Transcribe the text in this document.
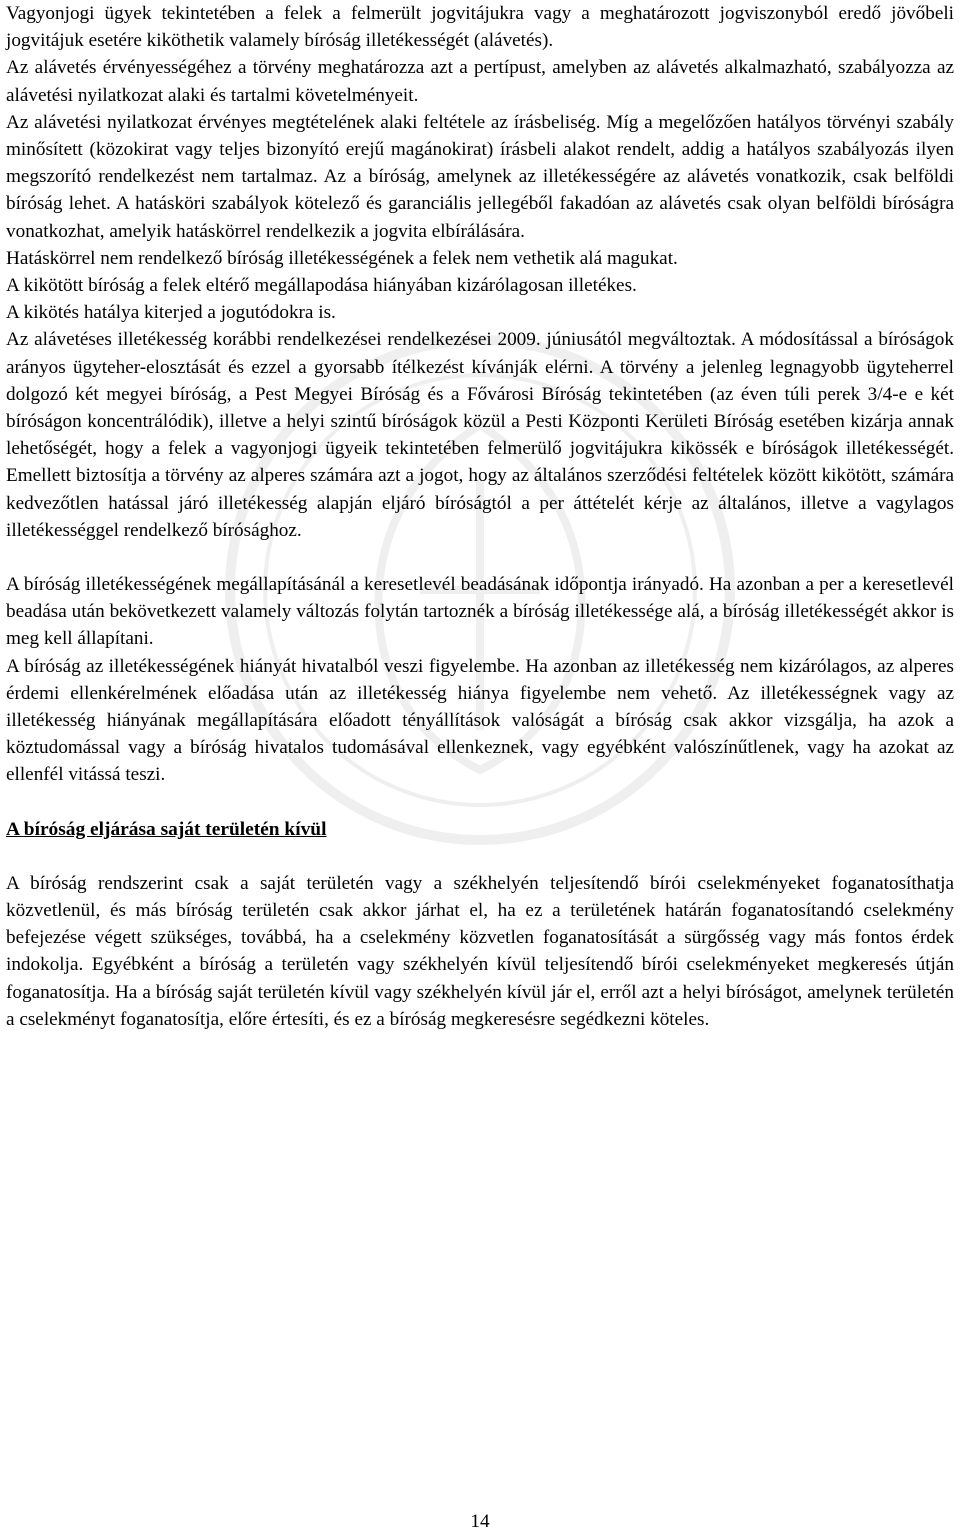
Vagyonjogi ügyek tekintetében a felek a felmerült jogvitájukra vagy a meghatározott jogviszonyból eredő jövőbeli jogvitájuk esetére kiköthetik valamely bíróság illetékességét (alávetés).

Az alávetés érvényességéhez a törvény meghatározza azt a pertípust, amelyben az alávetés alkalmazható, szabályozza az alávetési nyilatkozat alaki és tartalmi követelményeit.

Az alávetési nyilatkozat érvényes megtételének alaki feltétele az írásbeliség. Míg a megelőzően hatályos törvényi szabály minősített (közokirat vagy teljes bizonyító erejű magánokirat) írásbeli alakot rendelt, addig a hatályos szabályozás ilyen megszorító rendelkezést nem tartalmaz. Az a bíróság, amelynek az illetékességére az alávetés vonatkozik, csak belföldi bíróság lehet. A hatásköri szabályok kötelező és garanciális jellegéből fakadóan az alávetés csak olyan belföldi bíróságra vonatkozhat, amelyik hatáskörrel rendelkezik a jogvita elbírálására.

Hatáskörrel nem rendelkező bíróság illetékességének a felek nem vethetik alá magukat.

A kikötött bíróság a felek eltérő megállapodása hiányában kizárólagosan illetékes.

A kikötés hatálya kiterjed a jogutódokra is.

Az alávetéses illetékesség korábbi rendelkezései rendelkezései 2009. júniusától megváltoztak. A módosítással a bíróságok arányos ügyteher-elosztását és ezzel a gyorsabb ítélkezést kívánják elérni. A törvény a jelenleg legnagyobb ügyteherrel dolgozó két megyei bíróság, a Pest Megyei Bíróság és a Fővárosi Bíróság tekintetében (az éven túli perek 3/4-e e két bíróságon koncentrálódik), illetve a helyi szintű bíróságok közül a Pesti Központi Kerületi Bíróság esetében kizárja annak lehetőségét, hogy a felek a vagyonjogi ügyeik tekintetében felmerülő jogvitájukra kikössék e bíróságok illetékességét. Emellett biztosítja a törvény az alperes számára azt a jogot, hogy az általános szerződési feltételek között kikötött, számára kedvezőtlen hatással járó illetékesség alapján eljáró bíróságtól a per áttételét kérje az általános, illetve a vagylagos illetékességgel rendelkező bírósághoz.

A bíróság illetékességének megállapításánál a keresetlevél beadásának időpontja irányadó. Ha azonban a per a keresetlevél beadása után bekövetkezett valamely változás folytán tartoznék a bíróság illetékessége alá, a bíróság illetékességét akkor is meg kell állapítani.

A bíróság az illetékességének hiányát hivatalból veszi figyelembe. Ha azonban az illetékesség nem kizárólagos, az alperes érdemi ellenkérelmének előadása után az illetékesség hiánya figyelembe nem vehető. Az illetékességnek vagy az illetékesség hiányának megállapítására előadott tényállítások valóságát a bíróság csak akkor vizsgálja, ha azok a köztudomással vagy a bíróság hivatalos tudomásával ellenkeznek, vagy egyébként valószínűtlenek, vagy ha azokat az ellenfél vitássá teszi.

A bíróság eljárása saját területén kívül

A bíróság rendszerint csak a saját területén vagy a székhelyén teljesítendő bírói cselekményeket foganatosíthatja közvetlenül, és más bíróság területén csak akkor járhat el, ha ez a területének határán foganatosítandó cselekmény befejezése végett szükséges, továbbá, ha a cselekmény közvetlen foganatosítását a sürgősség vagy más fontos érdek indokolja. Egyébként a bíróság a területén vagy székhelyén kívül teljesítendő bírói cselekményeket megkeresés útján foganatosítja. Ha a bíróság saját területén kívül vagy székhelyén kívül jár el, erről azt a helyi bíróságot, amelynek területén a cselekményt foganatosítja, előre értesíti, és ez a bíróság megkeresésre segédkezni köteles.

14
